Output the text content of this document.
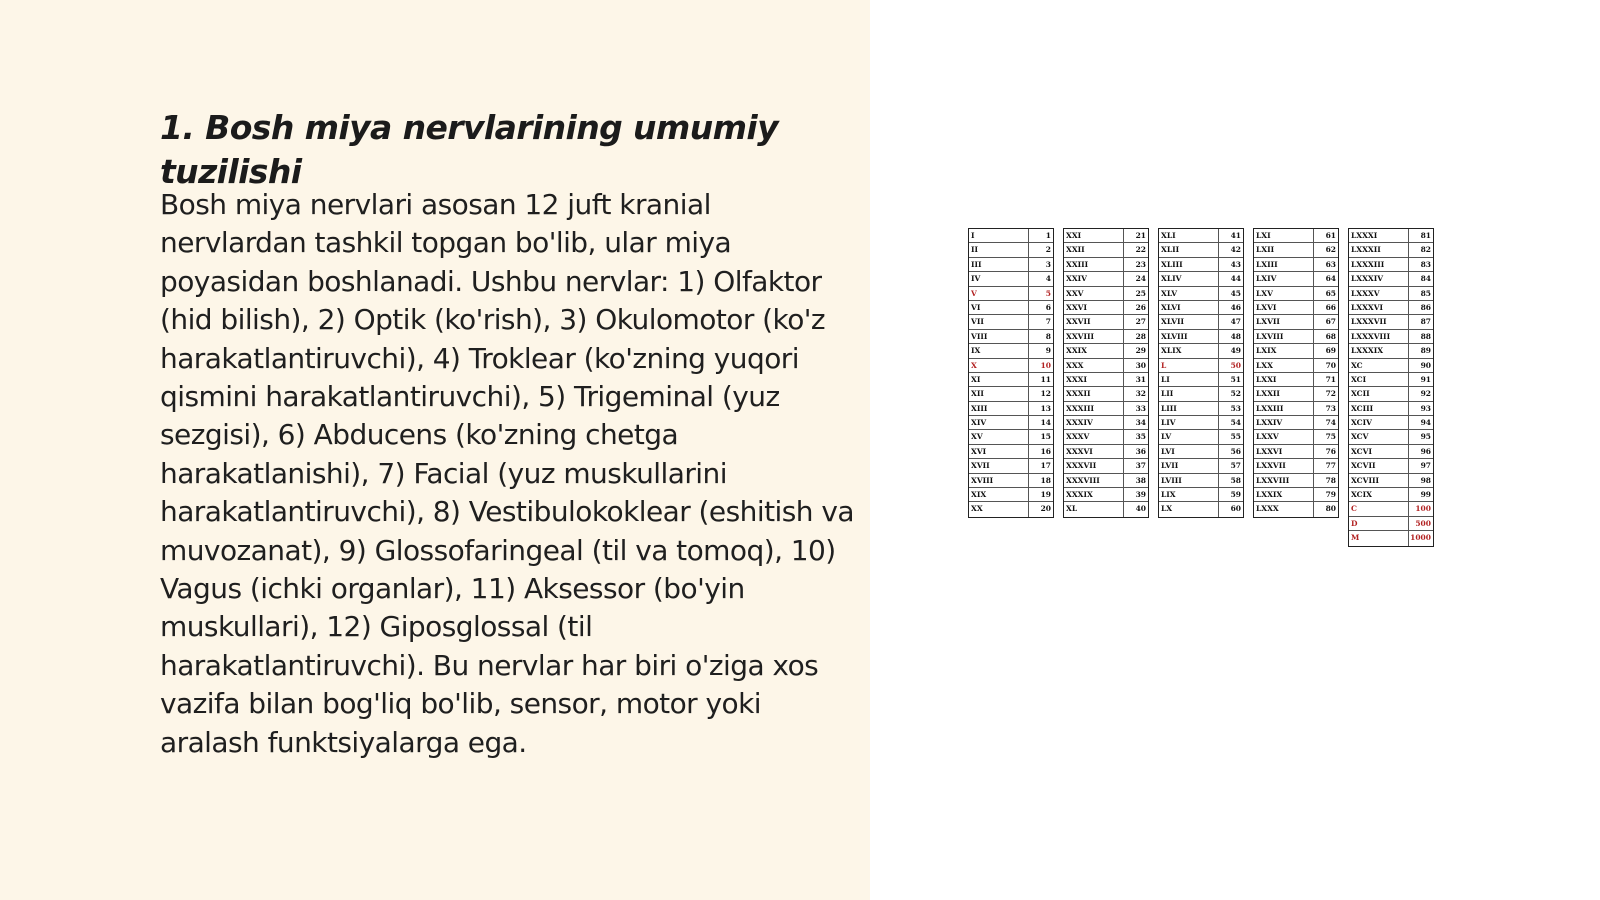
1. Bosh miya nervlarining umumiy tuzilishi

Bosh miya nervlari asosan 12 juft kranial nervlardan tashkil topgan bo'lib, ular miya poyasidan boshlanadi. Ushbu nervlar: 1) Olfaktor (hid bilish), 2) Optik (ko'rish), 3) Okulomotor (ko'z harakatlantiruvchi), 4) Troklear (ko'zning yuqori qismini harakatlantiruvchi), 5) Trigeminal (yuz sezgisi), 6) Abducens (ko'zning chetga harakatlanishi), 7) Facial (yuz muskullarini harakatlantiruvchi), 8) Vestibulokoklear (eshitish va muvozanat), 9) Glossofaringeal (til va tomoq), 10) Vagus (ichki organlar), 11) Aksessor (bo'yin muskullari), 12) Giposglossal (til harakatlantiruvchi). Bu nervlar har biri o'ziga xos vazifa bilan bog'liq bo'lib, sensor, motor yoki aralash funktsiyalarga ega.

I	1
II	2
III	3
IV	4
V	5
VI	6
VII	7
VIII	8
IX	9
X	10
XI	11
XII	12
XIII	13
XIV	14
XV	15
XVI	16
XVII	17
XVIII	18
XIX	19
XX	20
XXI	21
XXII	22
XXIII	23
XXIV	24
XXV	25
XXVI	26
XXVII	27
XXVIII	28
XXIX	29
XXX	30
XXXI	31
XXXII	32
XXXIII	33
XXXIV	34
XXXV	35
XXXVI	36
XXXVII	37
XXXVIII	38
XXXIX	39
XL	40
XLI	41
XLII	42
XLIII	43
XLIV	44
XLV	45
XLVI	46
XLVII	47
XLVIII	48
XLIX	49
L	50
LI	51
LII	52
LIII	53
LIV	54
LV	55
LVI	56
LVII	57
LVIII	58
LIX	59
LX	60
LXI	61
LXII	62
LXIII	63
LXIV	64
LXV	65
LXVI	66
LXVII	67
LXVIII	68
LXIX	69
LXX	70
LXXI	71
LXXII	72
LXXIII	73
LXXIV	74
LXXV	75
LXXVI	76
LXXVII	77
LXXVIII	78
LXXIX	79
LXXX	80
LXXXI	81
LXXXII	82
LXXXIII	83
LXXXIV	84
LXXXV	85
LXXXVI	86
LXXXVII	87
LXXXVIII	88
LXXXIX	89
XC	90
XCI	91
XCII	92
XCIII	93
XCIV	94
XCV	95
XCVI	96
XCVII	97
XCVIII	98
XCIX	99
C	100
D	500
M	1000
